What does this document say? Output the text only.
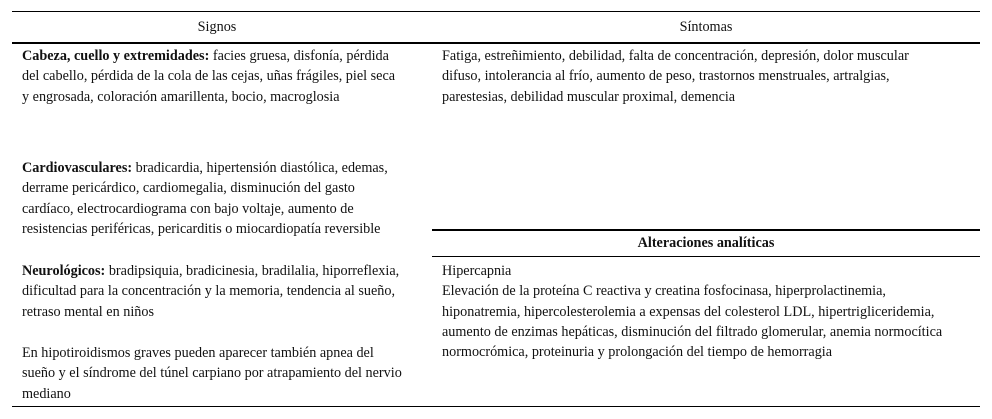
Signos	Síntomas

Cabeza, cuello y extremidades: facies gruesa, disfonía, pérdida del cabello, pérdida de la cola de las cejas, uñas frágiles, piel seca y engrosada, coloración amarillenta, bocio, macroglosia

Cardiovasculares: bradicardia, hipertensión diastólica, edemas, derrame pericárdico, cardiomegalia, disminución del gasto cardíaco, electrocardiograma con bajo voltaje, aumento de resistencias periféricas, pericarditis o miocardiopatía reversible

Neurológicos: bradipsiquia, bradicinesia, bradilalia, hiporreflexia, dificultad para la concentración y la memoria, tendencia al sueño, retraso mental en niños

En hipotiroidismos graves pueden aparecer también apnea del sueño y el síndrome del túnel carpiano por atrapamiento del nervio mediano

Fatiga, estreñimiento, debilidad, falta de concentración, depresión, dolor muscular difuso, intolerancia al frío, aumento de peso, trastornos menstruales, artralgias, parestesias, debilidad muscular proximal, demencia

Alteraciones analíticas

Hipercapnia

Elevación de la proteína C reactiva y creatina fosfocinasa, hiperprolactinemia, hiponatremia, hipercolesterolemia a expensas del colesterol LDL, hipertrigliceridemia, aumento de enzimas hepáticas, disminución del filtrado glomerular, anemia normocítica normocrómica, proteinuria y prolongación del tiempo de hemorragia
